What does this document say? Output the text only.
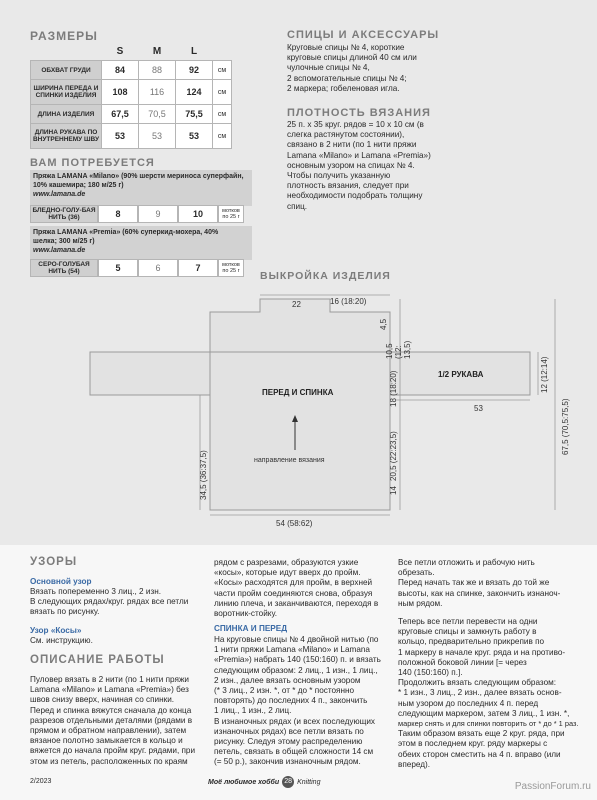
РАЗМЕРЫ
	S	M	L	
ОБХВАТ ГРУДИ	84	88	92	см
ШИРИНА ПЕРЕДА И СПИНКИ ИЗДЕЛИЯ	108	116	124	см
ДЛИНА ИЗДЕЛИЯ	67,5	70,5	75,5	см
ДЛИНА РУКАВА ПО ВНУТРЕННЕМУ ШВУ	53	53	53	см
СПИЦЫ И АКСЕССУАРЫ
Круговые спицы № 4, короткие
круговые спицы длиной 40 см или
чулочные спицы № 4,
2 вспомогательные спицы № 4;
2 маркера; гобеленовая игла.
ПЛОТНОСТЬ ВЯЗАНИЯ
25 п. х 35 круг. рядов = 10 х 10 см (в
слегка растянутом состоянии),
связано в 2 нити (по 1 нити пряжи
Lamana «Milano» и Lamana «Premia»)
основным узором на спицах № 4.
Чтобы получить указанную
плотность вязания, следует при
необходимости подобрать толщину
спиц.
ВАМ ПОТРЕБУЕТСЯ
Пряжа LAMANA «Milano» (90% шерсти мериноса суперфайн,
10% кашемира; 180 м/25 г)
www.lamana.de
БЛЕДНО-ГОЛУ-БАЯ НИТЬ (36)	8	9	10	мотков по 25 г
Пряжа LAMANA «Premia» (60% суперкид-мохера, 40%
шелка; 300 м/25 г)
www.lamana.de
СЕРО-ГОЛУБАЯ НИТЬ (54)	5	6	7	мотков по 25 г	ВЫКРОЙКА ИЗДЕЛИЯ
22	16 (18:20)
4,5
10,5 (12: 13,5)
18 (18:20)	12 (12:14)
53	67,5 (70,5:75,5)
20,5 (22:23,5)
14
34,5 (36:37,5)
54 (58:62)
ПЕРЕД И СПИНКА
1/2 РУКАВА
направление вязания
УЗОРЫ
Основной узор
Вязать попеременно 3 лиц., 2 изн.
В следующих рядах/круг. рядах все петли
вязать по рисунку.
Узор «Косы»
См. инструкцию.
ОПИСАНИЕ РАБОТЫ
Пуловер вязать в 2 нити (по 1 нити пряжи
Lamana «Milano» и Lamana «Premia») без
швов снизу вверх, начиная со спинки.
Перед и спинка вяжутся сначала до конца
разрезов отдельными деталями (рядами в
прямом и обратном направлении), затем
вязаное полотно замыкается в кольцо и
вяжется до начала пройм круг. рядами, при
этом из петель, расположенных по краям
рядом с разрезами, образуются узкие
«косы», которые идут вверх до пройм.
«Косы» расходятся для пройм, в верхней
части пройм соединяются снова, образуя
линию плеча, и заканчиваются, переходя в
воротник-стойку.
СПИНКА И ПЕРЕД
На круговые спицы № 4 двойной нитью (по
1 нити пряжи Lamana «Milano» и Lamana
«Premia») набрать 140 (150:160) п. и вязать
следующим образом: 2 лиц., 1 изн., 1 лиц.,
2 изн., далее вязать основным узором
(* 3 лиц., 2 изн. *, от * до * постоянно
повторять) до последних 4 п., закончить
1 лиц., 1 изн., 2 лиц.
В изнаночных рядах (и всех последующих
изнаночных рядах) все петли вязать по
рисунку. Следуя этому распределению
петель, связать в общей сложности 14 см
(= 50 р.), закончив изнаночным рядом.
Все петли отложить и рабочую нить
обрезать.
Перед начать так же и вязать до той же
высоты, как на спинке, закончить изнаноч-
ным рядом.
Теперь все петли перевести на одни
круговые спицы и замкнуть работу в
кольцо, предварительно прикрепив по
1 маркеру в начале круг. ряда и на противо-
положной боковой линии [= через
140 (150:160) п.].
Продолжить вязать следующим образом:
* 1 изн., 3 лиц., 2 изн., далее вязать основ-
ным узором до последних 4 п. перед
следующим маркером, затем 3 лиц., 1 изн. *,
маркер снять и для спинки повторить от * до * 1 раз.
Таким образом вязать еще 2 круг. ряда, при
этом в последнем круг. ряду маркеры с
обеих сторон сместить на 4 п. вправо (или
вперед).
2/2023	Моё любимое хобби 28 Knitting	PassionForum.ru
